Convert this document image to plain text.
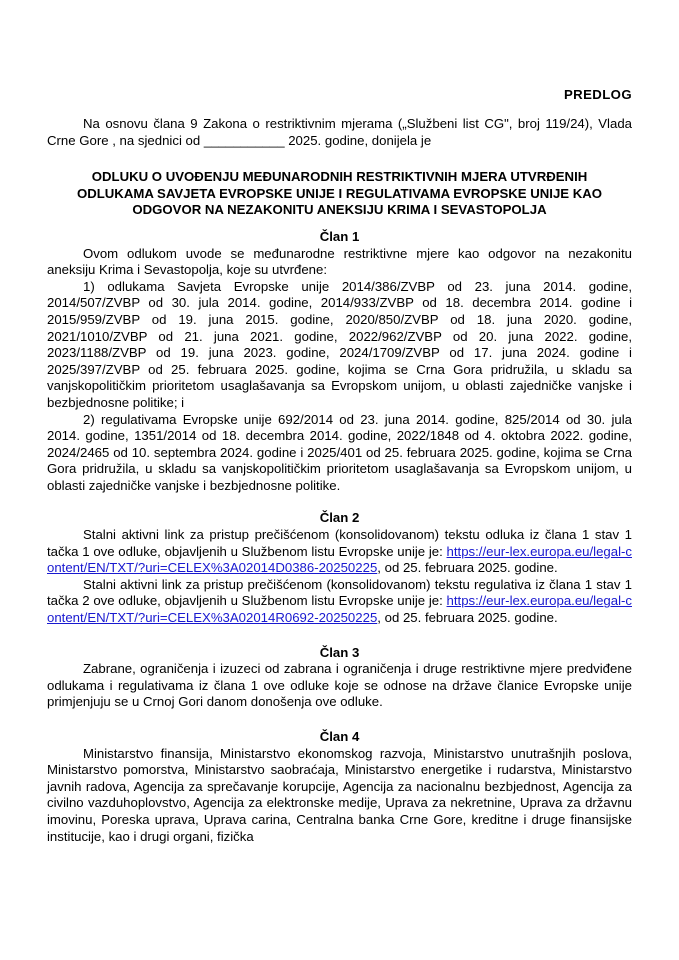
PREDLOG

Na osnovu člana 9 Zakona o restriktivnim mjerama („Službeni list CG", broj 119/24), Vlada Crne Gore , na sjednici od ___________ 2025. godine, donijela je

ODLUKU O UVOĐENJU MEĐUNARODNIH RESTRIKTIVNIH MJERA UTVRĐENIH
ODLUKAMA SAVJETA EVROPSKE UNIJE I REGULATIVAMA EVROPSKE UNIJE KAO
ODGOVOR NA NEZAKONITU ANEKSIJU KRIMA I SEVASTOPOLJA
Član 1

Ovom odlukom uvode se međunarodne restriktivne mjere kao odgovor na nezakonitu aneksiju Krima i Sevastopolja, koje su utvrđene:

1) odlukama Savjeta Evropske unije 2014/386/ZVBP od 23. juna 2014. godine, 2014/507/ZVBP od 30. jula 2014. godine, 2014/933/ZVBP od 18. decembra 2014. godine i 2015/959/ZVBP od 19. juna 2015. godine, 2020/850/ZVBP od 18. juna 2020. godine, 2021/1010/ZVBP od 21. juna 2021. godine, 2022/962/ZVBP od 20. juna 2022. godine, 2023/1188/ZVBP od 19. juna 2023. godine, 2024/1709/ZVBP od 17. juna 2024. godine i 2025/397/ZVBP od 25. februara 2025. godine, kojima se Crna Gora pridružila, u skladu sa vanjskopolitičkim prioritetom usaglašavanja sa Evropskom unijom, u oblasti zajedničke vanjske i bezbjednosne politike; i

2) regulativama Evropske unije 692/2014 od 23. juna 2014. godine, 825/2014 od 30. jula 2014. godine, 1351/2014 od 18. decembra 2014. godine, 2022/1848 od 4. oktobra 2022. godine, 2024/2465 od 10. septembra 2024. godine i 2025/401 od 25. februara 2025. godine, kojima se Crna Gora pridružila, u skladu sa vanjskopolitičkim prioritetom usaglašavanja sa Evropskom unijom, u oblasti zajedničke vanjske i bezbjednosne politike.

Član 2

Stalni aktivni link za pristup prečišćenom (konsolidovanom) tekstu odluka iz člana 1 stav 1 tačka 1 ove odluke, objavljenih u Službenom listu Evropske unije je: https://eur-lex.europa.eu/legal-content/EN/TXT/?uri=CELEX%3A02014D0386-20250225, od 25. februara 2025. godine.

Stalni aktivni link za pristup prečišćenom (konsolidovanom) tekstu regulativa iz člana 1 stav 1 tačka 2 ove odluke, objavljenih u Službenom listu Evropske unije je: https://eur-lex.europa.eu/legal-content/EN/TXT/?uri=CELEX%3A02014R0692-20250225, od 25. februara 2025. godine.

Član 3

Zabrane, ograničenja i izuzeci od zabrana i ograničenja i druge restriktivne mjere predviđene odlukama i regulativama iz člana 1 ove odluke koje se odnose na države članice Evropske unije primjenjuju se u Crnoj Gori danom donošenja ove odluke.

Član 4

Ministarstvo finansija, Ministarstvo ekonomskog razvoja, Ministarstvo unutrašnjih poslova, Ministarstvo pomorstva, Ministarstvo saobraćaja, Ministarstvo energetike i rudarstva, Ministarstvo javnih radova, Agencija za sprečavanje korupcije, Agencija za nacionalnu bezbjednost, Agencija za civilno vazduhoplovstvo, Agencija za elektronske medije, Uprava za nekretnine, Uprava za državnu imovinu, Poreska uprava, Uprava carina, Centralna banka Crne Gore, kreditne i druge finansijske institucije, kao i drugi organi, fizička
